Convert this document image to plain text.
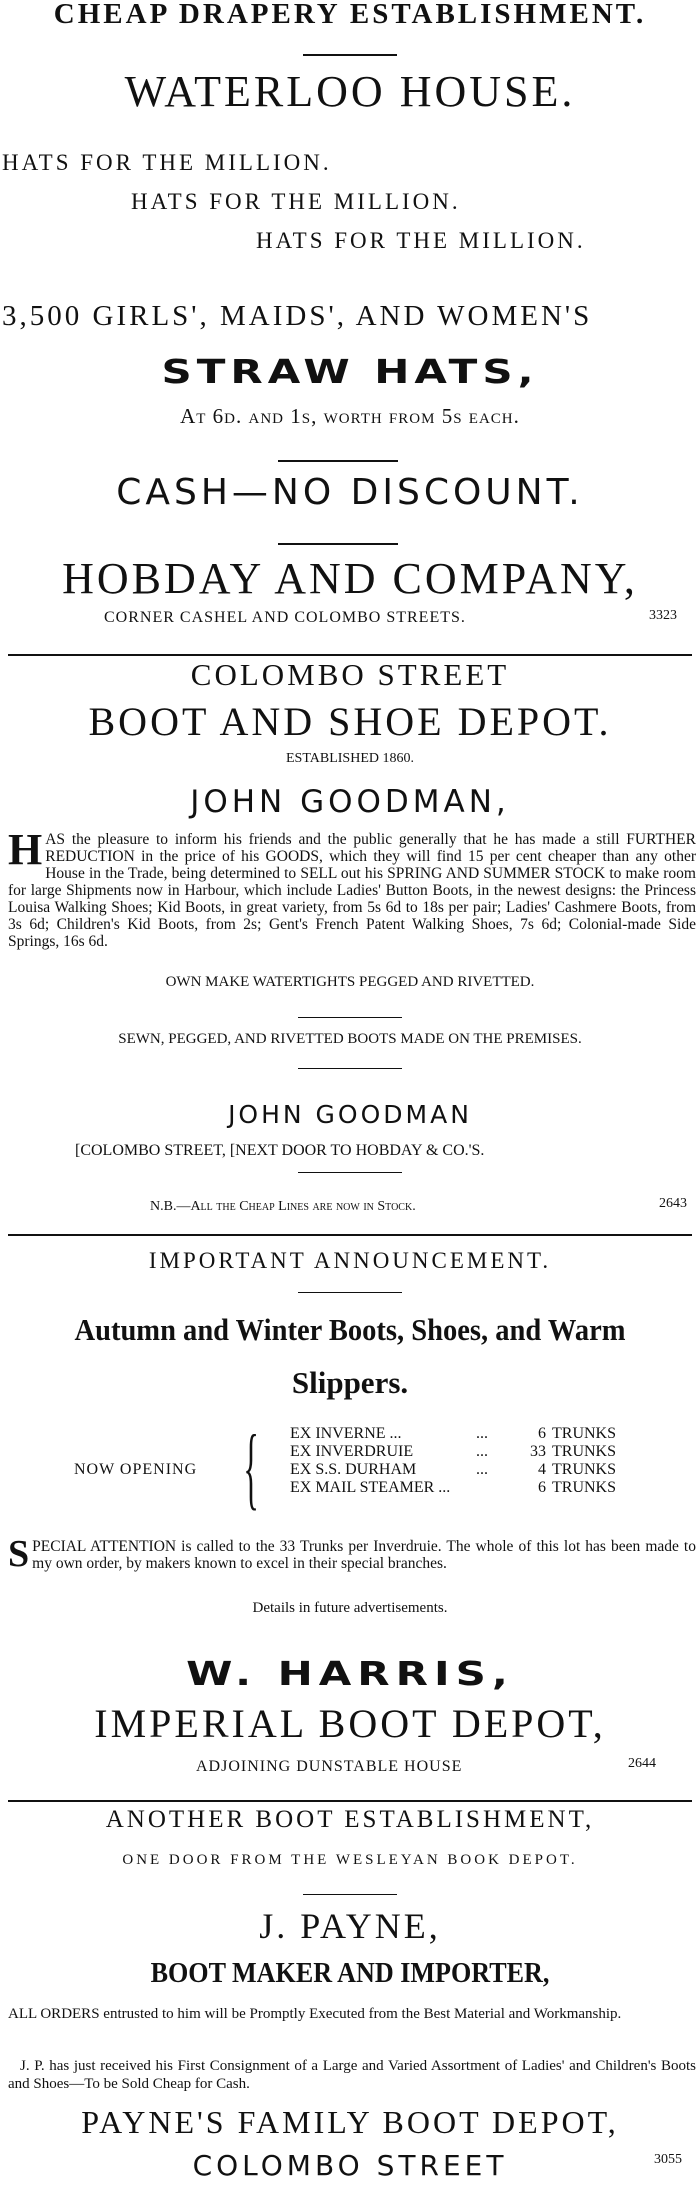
CHEAP DRAPERY ESTABLISHMENT.
WATERLOO HOUSE.
HATS FOR THE MILLION.
HATS FOR THE MILLION.
HATS FOR THE MILLION.
3,500 GIRLS', MAIDS', AND WOMEN'S
STRAW HATS,
At 6d. and 1s, worth from 5s each.
CASH—NO DISCOUNT.
HOBDAY AND COMPANY,
CORNER CASHEL AND COLOMBO STREETS.	3323
COLOMBO STREET
BOOT AND SHOE DEPOT.
ESTABLISHED 1860.
JOHN GOODMAN,
HAS the pleasure to inform his friends and the public generally that he has made a still FURTHER REDUCTION in the price of his GOODS, which they will find 15 per cent cheaper than any other House in the Trade, being determined to SELL out his SPRING AND SUMMER STOCK to make room for large Shipments now in Harbour, which include Ladies' Button Boots, in the newest designs: the Princess Louisa Walking Shoes; Kid Boots, in great variety, from 5s 6d to 18s per pair; Ladies' Cashmere Boots, from 3s 6d; Children's Kid Boots, from 2s; Gent's French Patent Walking Shoes, 7s 6d; Colonial-made Side Springs, 16s 6d.
OWN MAKE WATERTIGHTS PEGGED AND RIVETTED.
SEWN, PEGGED, AND RIVETTED BOOTS MADE ON THE PREMISES.
JOHN GOODMAN
[COLOMBO STREET, [NEXT DOOR TO HOBDAY & CO.'S.
N.B.—All the Cheap Lines are now in Stock.	2643
IMPORTANT ANNOUNCEMENT.
Autumn and Winter Boots, Shoes, and Warm
Slippers.
NOW OPENING { EX INVERNE ...	...	6 TRUNKS
EX INVERDRUIE	...	33 TRUNKS
EX S.S. DURHAM	...	4 TRUNKS
EX MAIL STEAMER ...	6 TRUNKS
SPECIAL ATTENTION is called to the 33 Trunks per Inverdruie. The whole of this lot has been made to my own order, by makers known to excel in their special branches.
Details in future advertisements.
W. HARRIS,
IMPERIAL BOOT DEPOT,
ADJOINING DUNSTABLE HOUSE	2644
ANOTHER BOOT ESTABLISHMENT,
ONE DOOR FROM THE WESLEYAN BOOK DEPOT.
J. PAYNE,
BOOT MAKER AND IMPORTER,
ALL ORDERS entrusted to him will be Promptly Executed from the Best Material and Workmanship.
J. P. has just received his First Consignment of a Large and Varied Assortment of Ladies' and Children's Boots and Shoes—To be Sold Cheap for Cash.
PAYNE'S FAMILY BOOT DEPOT,
COLOMBO STREET	3055
